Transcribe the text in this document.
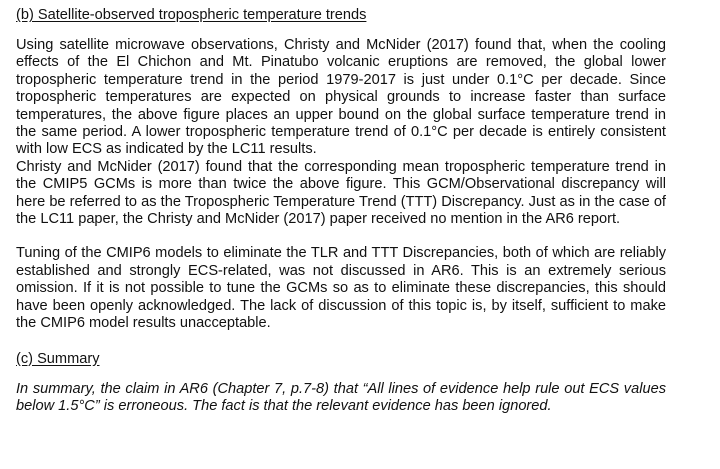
(b) Satellite-observed tropospheric temperature trends

Using satellite microwave observations, Christy and McNider (2017) found that, when the cooling effects of the El Chichon and Mt. Pinatubo volcanic eruptions are removed, the global lower tropospheric temperature trend in the period 1979-2017 is just under 0.1°C per decade. Since tropospheric temperatures are expected on physical grounds to increase faster than surface temperatures, the above figure places an upper bound on the global surface temperature trend in the same period. A lower tropospheric temperature trend of 0.1°C per decade is entirely consistent with low ECS as indicated by the LC11 results.

Christy and McNider (2017) found that the corresponding mean tropospheric temperature trend in the CMIP5 GCMs is more than twice the above figure. This GCM/Observational discrepancy will here be referred to as the Tropospheric Temperature Trend (TTT) Discrepancy. Just as in the case of the LC11 paper, the Christy and McNider (2017) paper received no mention in the AR6 report.

Tuning of the CMIP6 models to eliminate the TLR and TTT Discrepancies, both of which are reliably established and strongly ECS-related, was not discussed in AR6. This is an extremely serious omission. If it is not possible to tune the GCMs so as to eliminate these discrepancies, this should have been openly acknowledged. The lack of discussion of this topic is, by itself, sufficient to make the CMIP6 model results unacceptable.

(c) Summary

In summary, the claim in AR6 (Chapter 7, p.7-8) that “All lines of evidence help rule out ECS values below 1.5°C” is erroneous. The fact is that the relevant evidence has been ignored.
